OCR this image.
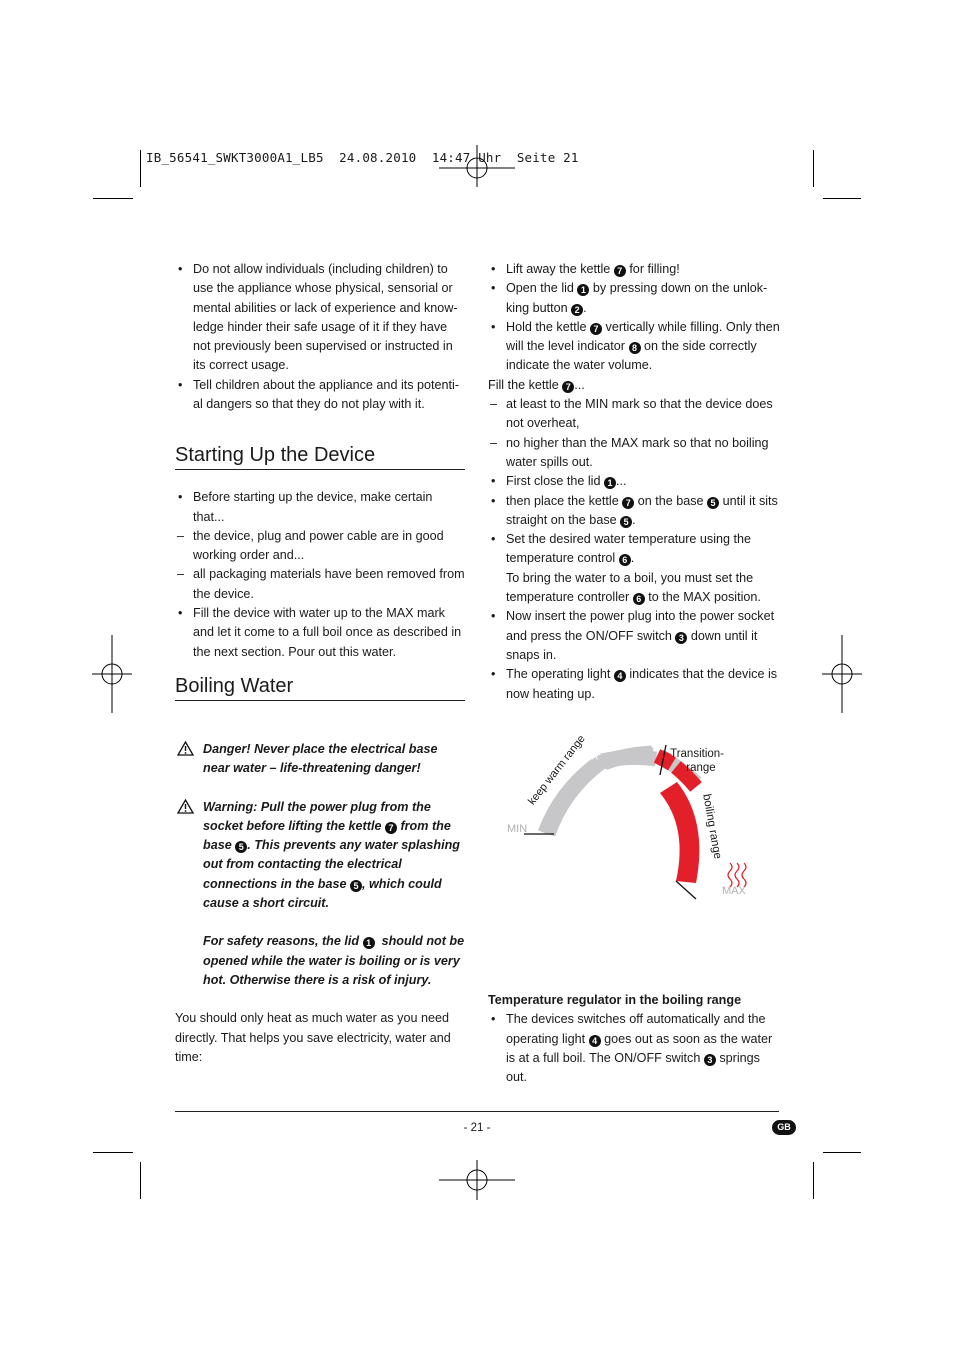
IB_56541_SWKT3000A1_LB5  24.08.2010  14:47 Uhr  Seite 21
• Do not allow individuals (including children) to use the appliance whose physical, sensorial or mental abilities or lack of experience and know-ledge hinder their safe usage of it if they have not previously been supervised or instructed in its correct usage.
• Tell children about the appliance and its potenti-al dangers so that they do not play with it.
Starting Up the Device
• Before starting up the device, make certain that...
– the device, plug and power cable are in good working order and...
– all packaging materials have been removed from the device.
• Fill the device with water up to the MAX mark and let it come to a full boil once as described in the next section. Pour out this water.
Boiling Water

Danger! Never place the electrical base near water – life-threatening danger!

Warning: Pull the power plug from the socket before lifting the kettle 7 from the base 5 . This prevents any water splashing out from contacting the electrical connections in the base 5 , which could cause a short circuit.

For safety reasons, the lid 1 should not be opened while the water is boiling or is very hot. Otherwise there is a risk of injury.

You should only heat as much water as you need directly. That helps you save electricity, water and time:

• Lift away the kettle 7 for filling!
• Open the lid 1 by pressing down on the unlok-king button 2 .
• Hold the kettle 7 vertically while filling. Only then will the level indicator 8 on the side correctly indicate the water volume.

Fill the kettle 7 ...

– at least to the MIN mark so that the device does not overheat,
– no higher than the MAX mark so that no boiling water spills out.
• First close the lid 1 ...
• then place the kettle 7 on the base 5 until it sits straight on the base 5 .
• Set the desired water temperature using the temperature control 6 .
To bring the water to a boil, you must set the temperature controller 6 to the MAX position.
• Now insert the power plug into the power socket and press the ON/OFF switch 3 down until it snaps in.
• The operating light 4 indicates that the device is now heating up.
keep warm range	Transition-
range
boiling range
MIN
MAX

Temperature regulator in the boiling range

• The devices switches off automatically and the operating light 4 goes out as soon as the water is at a full boil. The ON/OFF switch 3 springs out.
- 21 -	GB
